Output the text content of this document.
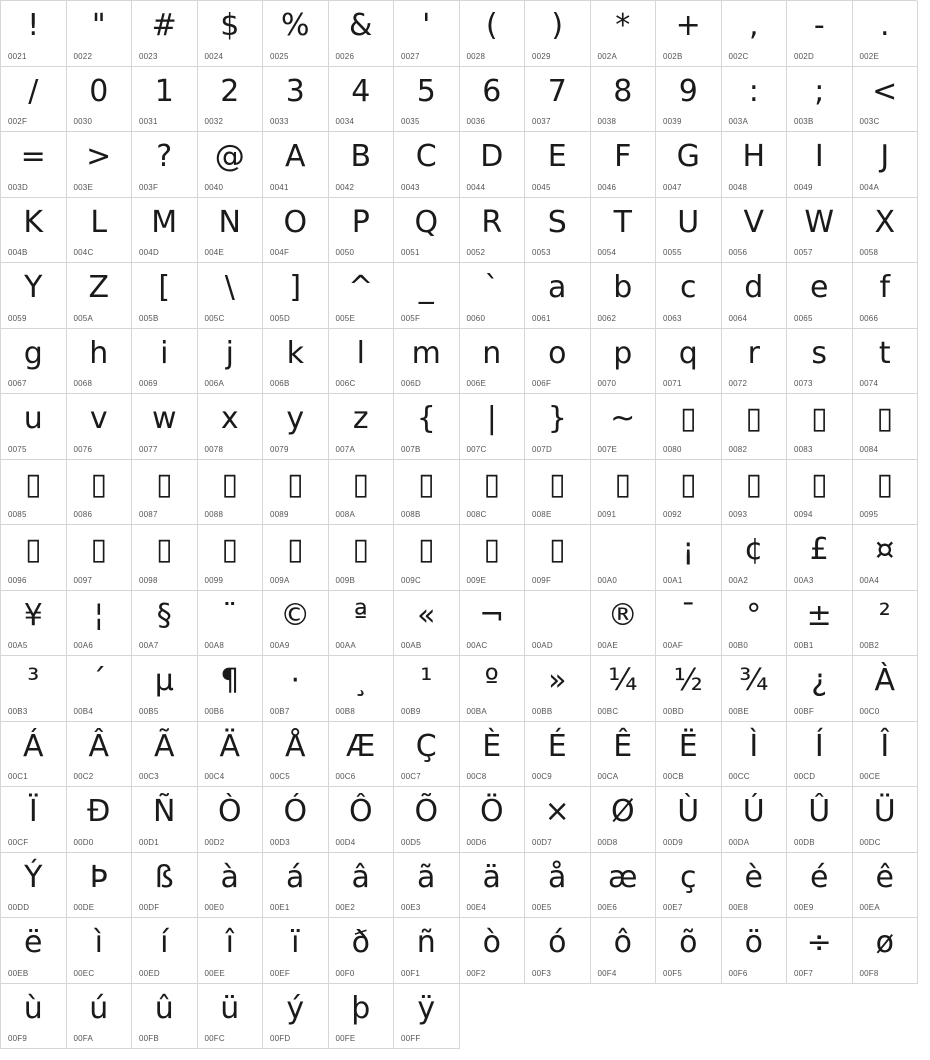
!
0021
"
0022
#
0023
$
0024
%
0025
&
0026
'
0027
(
0028
)
0029
*
002A
+
002B
,
002C
-
002D
.
002E
/
002F
0
0030
1
0031
2
0032
3
0033
4
0034
5
0035
6
0036
7
0037
8
0038
9
0039
:
003A
;
003B
<
003C
=
003D
>
003E
?
003F
@
0040
A
0041
B
0042
C
0043
D
0044
E
0045
F
0046
G
0047
H
0048
I
0049
J
004A
K
004B
L
004C
M
004D
N
004E
O
004F
P
0050
Q
0051
R
0052
S
0053
T
0054
U
0055
V
0056
W
0057
X
0058
Y
0059
Z
005A
[
005B
\
005C
]
005D
^
005E
_
005F
`
0060
a
0061
b
0062
c
0063
d
0064
e
0065
f
0066
g
0067
h
0068
i
0069
j
006A
k
006B
l
006C
m
006D
n
006E
o
006F
p
0070
q
0071
r
0072
s
0073
t
0074
u
0075
v
0076
w
0077
x
0078
y
0079
z
007A
{
007B
|
007C
}
007D
~
007E
▯
0080
▯
0082
▯
0083
▯
0084
▯
0085
▯
0086
▯
0087
▯
0088
▯
0089
▯
008A
▯
008B
▯
008C
▯
008E
▯
0091
▯
0092
▯
0093
▯
0094
▯
0095
▯
0096
▯
0097
▯
0098
▯
0099
▯
009A
▯
009B
▯
009C
▯
009E
▯
009F	00A0
¡
00A1
¢
00A2
£
00A3
¤
00A4
¥
00A5
¦
00A6
§
00A7
¨
00A8
©
00A9
ª
00AA
«
00AB
¬
00AC	00AD
®
00AE
¯
00AF
°
00B0
±
00B1
²
00B2
³
00B3
´
00B4
µ
00B5
¶
00B6
·
00B7
¸
00B8
¹
00B9
º
00BA
»
00BB
¼
00BC
½
00BD
¾
00BE
¿
00BF
À
00C0
Á
00C1
Â
00C2
Ã
00C3
Ä
00C4
Å
00C5
Æ
00C6
Ç
00C7
È
00C8
É
00C9
Ê
00CA
Ë
00CB
Ì
00CC
Í
00CD
Î
00CE
Ï
00CF
Ð
00D0
Ñ
00D1
Ò
00D2
Ó
00D3
Ô
00D4
Õ
00D5
Ö
00D6
×
00D7
Ø
00D8
Ù
00D9
Ú
00DA
Û
00DB
Ü
00DC
Ý
00DD
Þ
00DE
ß
00DF
à
00E0
á
00E1
â
00E2
ã
00E3
ä
00E4
å
00E5
æ
00E6
ç
00E7
è
00E8
é
00E9
ê
00EA
ë
00EB
ì
00EC
í
00ED
î
00EE
ï
00EF
ð
00F0
ñ
00F1
ò
00F2
ó
00F3
ô
00F4
õ
00F5
ö
00F6
÷
00F7
ø
00F8
ù
00F9
ú
00FA
û
00FB
ü
00FC
ý
00FD
þ
00FE
ÿ
00FF
